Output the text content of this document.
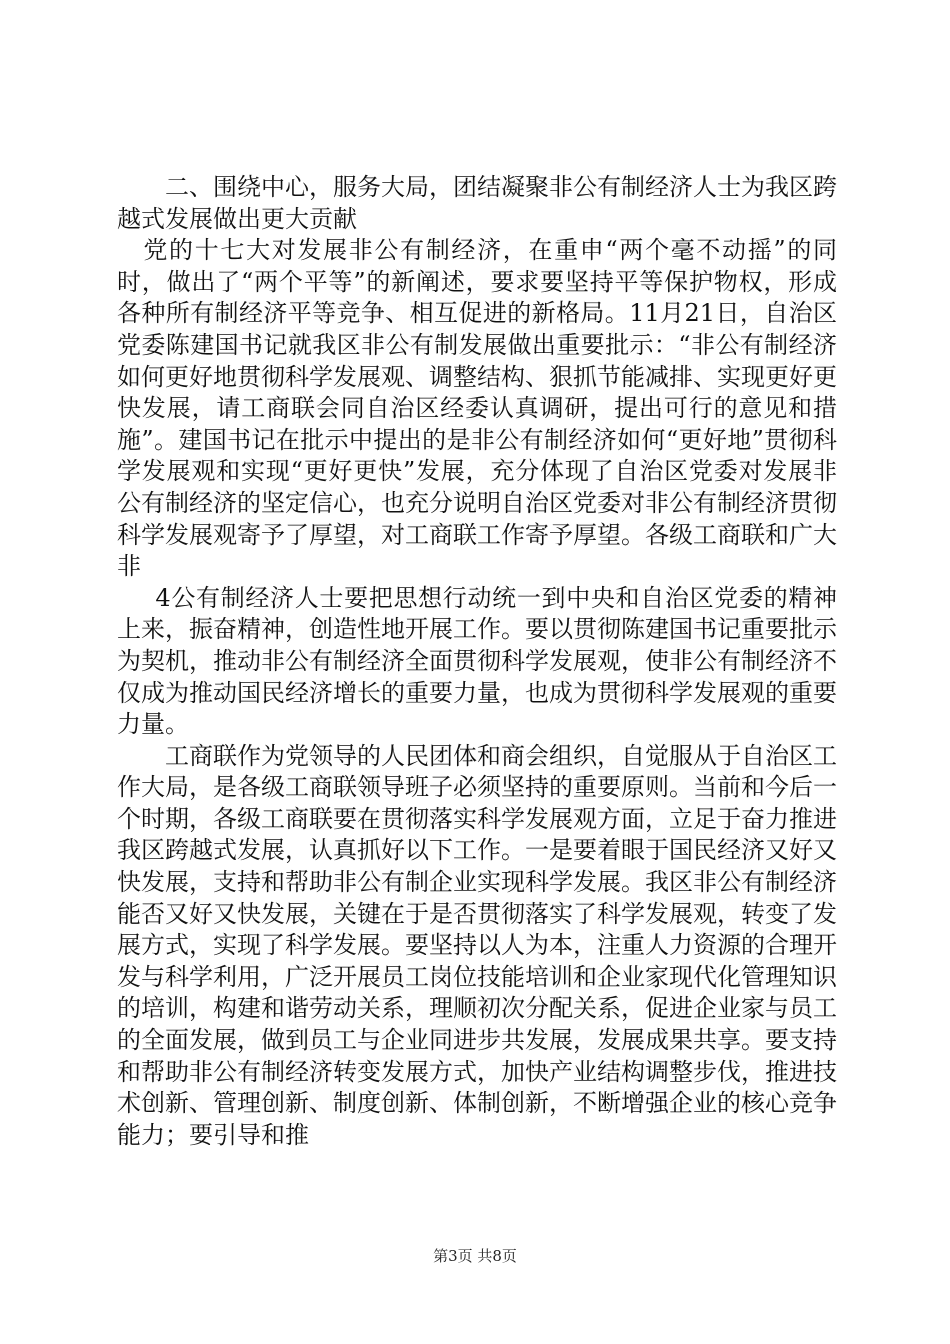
二、围绕中心，服务大局，团结凝聚非公有制经济人士为我区跨越式发展做出更大贡献

党的十七大对发展非公有制经济，在重申“两个毫不动摇”的同时，做出了“两个平等”的新阐述，要求要坚持平等保护物权，形成各种所有制经济平等竞争、相互促进的新格局。11月21日，自治区党委陈建国书记就我区非公有制发展做出重要批示：“非公有制经济如何更好地贯彻科学发展观、调整结构、狠抓节能减排、实现更好更快发展，请工商联会同自治区经委认真调研，提出可行的意见和措施”。建国书记在批示中提出的是非公有制经济如何“更好地”贯彻科学发展观和实现“更好更快”发展，充分体现了自治区党委对发展非公有制经济的坚定信心，也充分说明自治区党委对非公有制经济贯彻科学发展观寄予了厚望，对工商联工作寄予厚望。各级工商联和广大非

4公有制经济人士要把思想行动统一到中央和自治区党委的精神上来，振奋精神，创造性地开展工作。要以贯彻陈建国书记重要批示为契机，推动非公有制经济全面贯彻科学发展观，使非公有制经济不仅成为推动国民经济增长的重要力量，也成为贯彻科学发展观的重要力量。

工商联作为党领导的人民团体和商会组织，自觉服从于自治区工作大局，是各级工商联领导班子必须坚持的重要原则。当前和今后一个时期，各级工商联要在贯彻落实科学发展观方面，立足于奋力推进我区跨越式发展，认真抓好以下工作。一是要着眼于国民经济又好又快发展，支持和帮助非公有制企业实现科学发展。我区非公有制经济能否又好又快发展，关键在于是否贯彻落实了科学发展观，转变了发展方式，实现了科学发展。要坚持以人为本，注重人力资源的合理开发与科学利用，广泛开展员工岗位技能培训和企业家现代化管理知识的培训，构建和谐劳动关系，理顺初次分配关系，促进企业家与员工的全面发展，做到员工与企业同进步共发展，发展成果共享。要支持和帮助非公有制经济转变发展方式，加快产业结构调整步伐，推进技术创新、管理创新、制度创新、体制创新，不断增强企业的核心竞争能力；要引导和推

第3页 共8页
